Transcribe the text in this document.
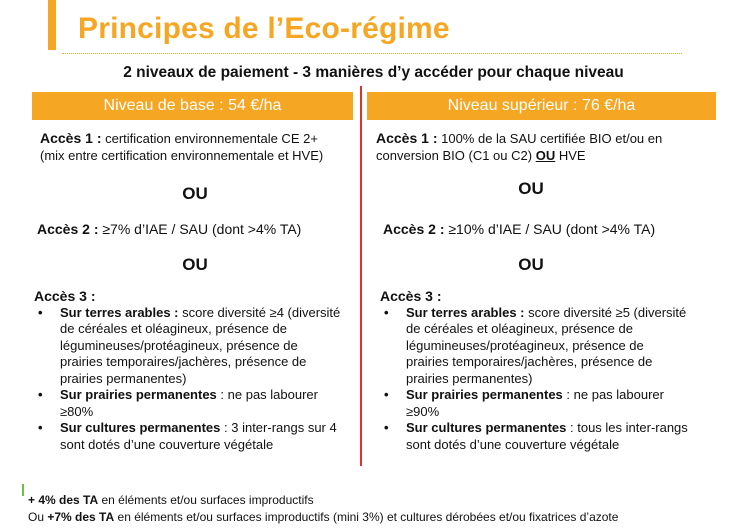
Principes de l’Eco-régime
2 niveaux de paiement - 3 manières d’y accéder pour chaque niveau
Niveau de base : 54 €/ha	Niveau supérieur : 76 €/ha
Accès 1 : certification environnementale CE 2+
(mix entre certification environnementale et HVE)
OU
Accès 2 : ≥7% d’IAE / SAU (dont >4% TA)
OU
Accès 3 :
• Sur terres arables : score diversité ≥4 (diversité
de céréales et oléagineux, présence de
légumineuses/protéagineux, présence de
prairies temporaires/jachères, présence de
prairies permanentes)
• Sur prairies permanentes : ne pas labourer
≥80%
• Sur cultures permanentes : 3 inter-rangs sur 4
sont dotés d’une couverture végétale
Accès 1 : 100% de la SAU certifiée BIO et/ou en
conversion BIO (C1 ou C2) OU HVE
OU
Accès 2 : ≥10% d’IAE / SAU (dont >4% TA)
OU
Accès 3 :
• Sur terres arables : score diversité ≥5 (diversité
de céréales et oléagineux, présence de
légumineuses/protéagineux, présence de
prairies temporaires/jachères, présence de
prairies permanentes)
• Sur prairies permanentes : ne pas labourer
≥90%
• Sur cultures permanentes : tous les inter-rangs
sont dotés d’une couverture végétale
+ 4% des TA en éléments et/ou surfaces improductifs
Ou +7% des TA en éléments et/ou surfaces improductifs (mini 3%) et cultures dérobées et/ou fixatrices d’azote
